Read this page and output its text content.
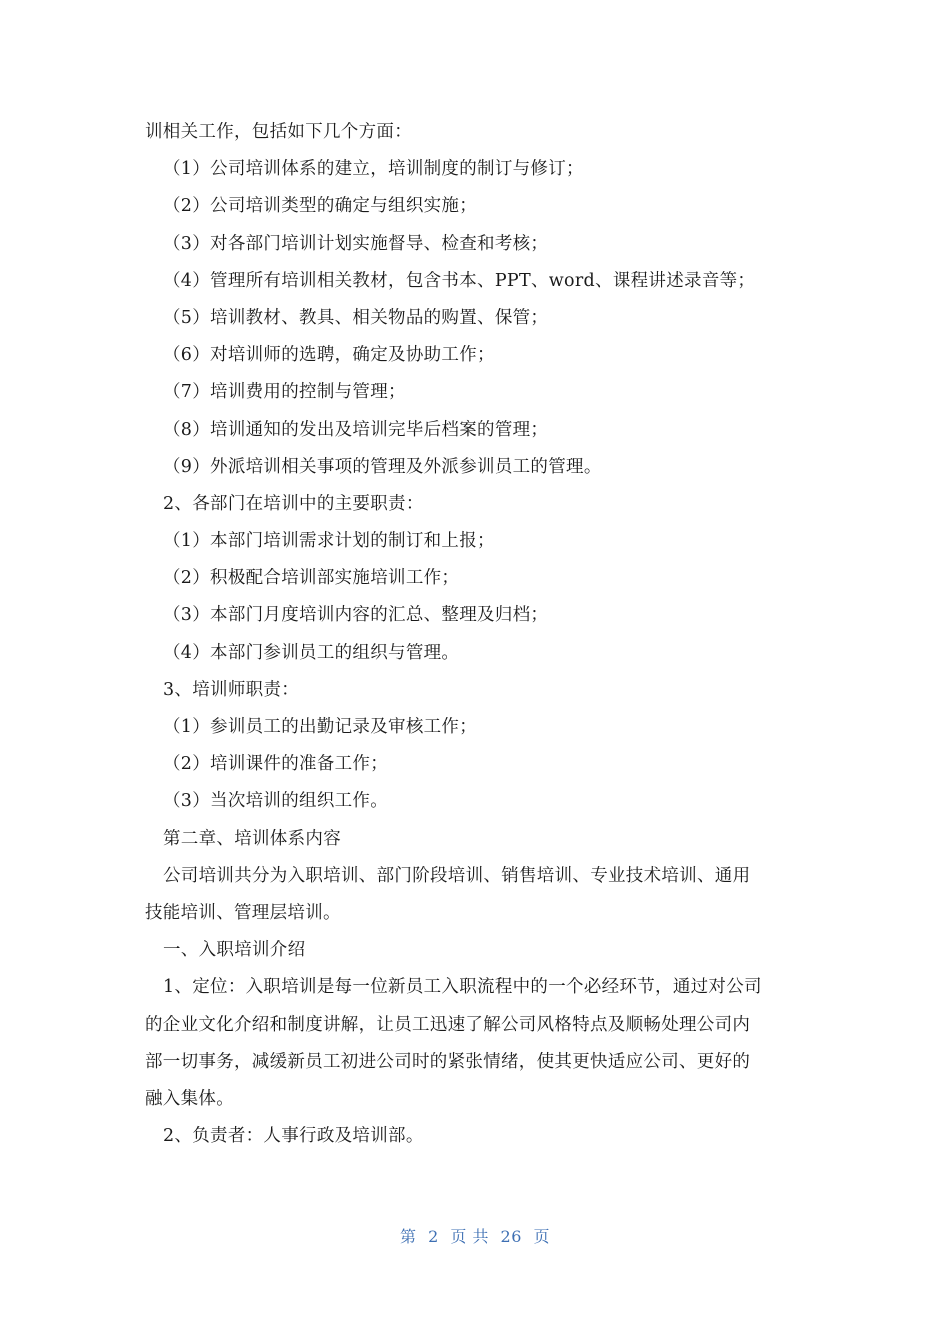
训相关工作，包括如下几个方面：
（1）公司培训体系的建立，培训制度的制订与修订；
（2）公司培训类型的确定与组织实施；
（3）对各部门培训计划实施督导、检查和考核；
（4）管理所有培训相关教材，包含书本、PPT、word、课程讲述录音等；
（5）培训教材、教具、相关物品的购置、保管；
（6）对培训师的选聘，确定及协助工作；
（7）培训费用的控制与管理；
（8）培训通知的发出及培训完毕后档案的管理；
（9）外派培训相关事项的管理及外派参训员工的管理。
2、各部门在培训中的主要职责：
（1）本部门培训需求计划的制订和上报；
（2）积极配合培训部实施培训工作；
（3）本部门月度培训内容的汇总、整理及归档；
（4）本部门参训员工的组织与管理。
3、培训师职责：
（1）参训员工的出勤记录及审核工作；
（2）培训课件的准备工作；
（3）当次培训的组织工作。
第二章、培训体系内容
公司培训共分为入职培训、部门阶段培训、销售培训、专业技术培训、通用
技能培训、管理层培训。
一、入职培训介绍
1、定位：入职培训是每一位新员工入职流程中的一个必经环节，通过对公司
的企业文化介绍和制度讲解，让员工迅速了解公司风格特点及顺畅处理公司内
部一切事务，减缓新员工初进公司时的紧张情绪，使其更快适应公司、更好的
融入集体。
2、负责者：人事行政及培训部。
第 2 页 共 26 页
